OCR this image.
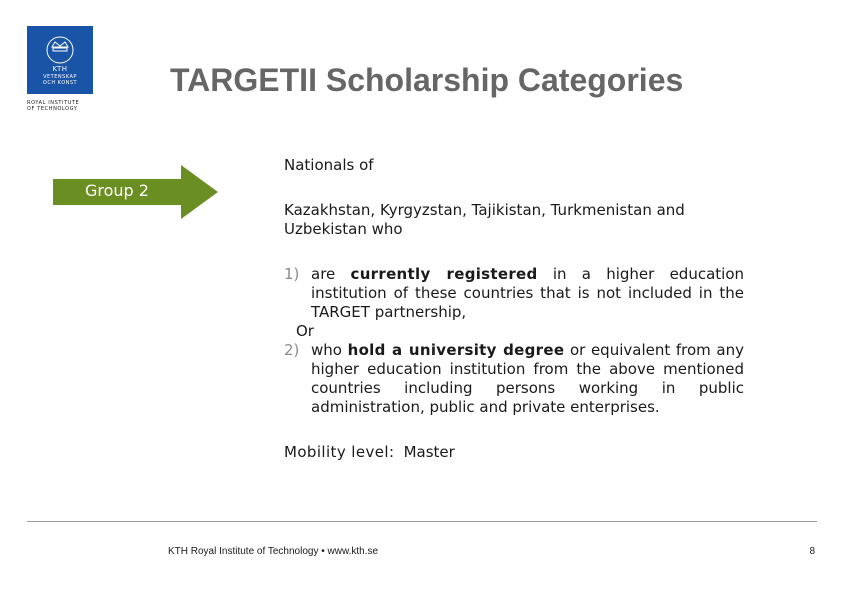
KTH
VETENSKAP
OCH KONST
ROYAL INSTITUTE
OF TECHNOLOGY
TARGETII Scholarship Categories
Group 2

Nationals of

Kazakhstan, Kyrgyzstan, Tajikistan, Turkmenistan and Uzbekistan who

1) are currently registered in a higher education institution of these countries that is not included in the TARGET partnership,
Or
2) who hold a university degree or equivalent from any higher education institution from the above mentioned countries including persons working in public administration, public and private enterprises.

Mobility level: Master

KTH Royal Institute of Technology • www.kth.se	8
